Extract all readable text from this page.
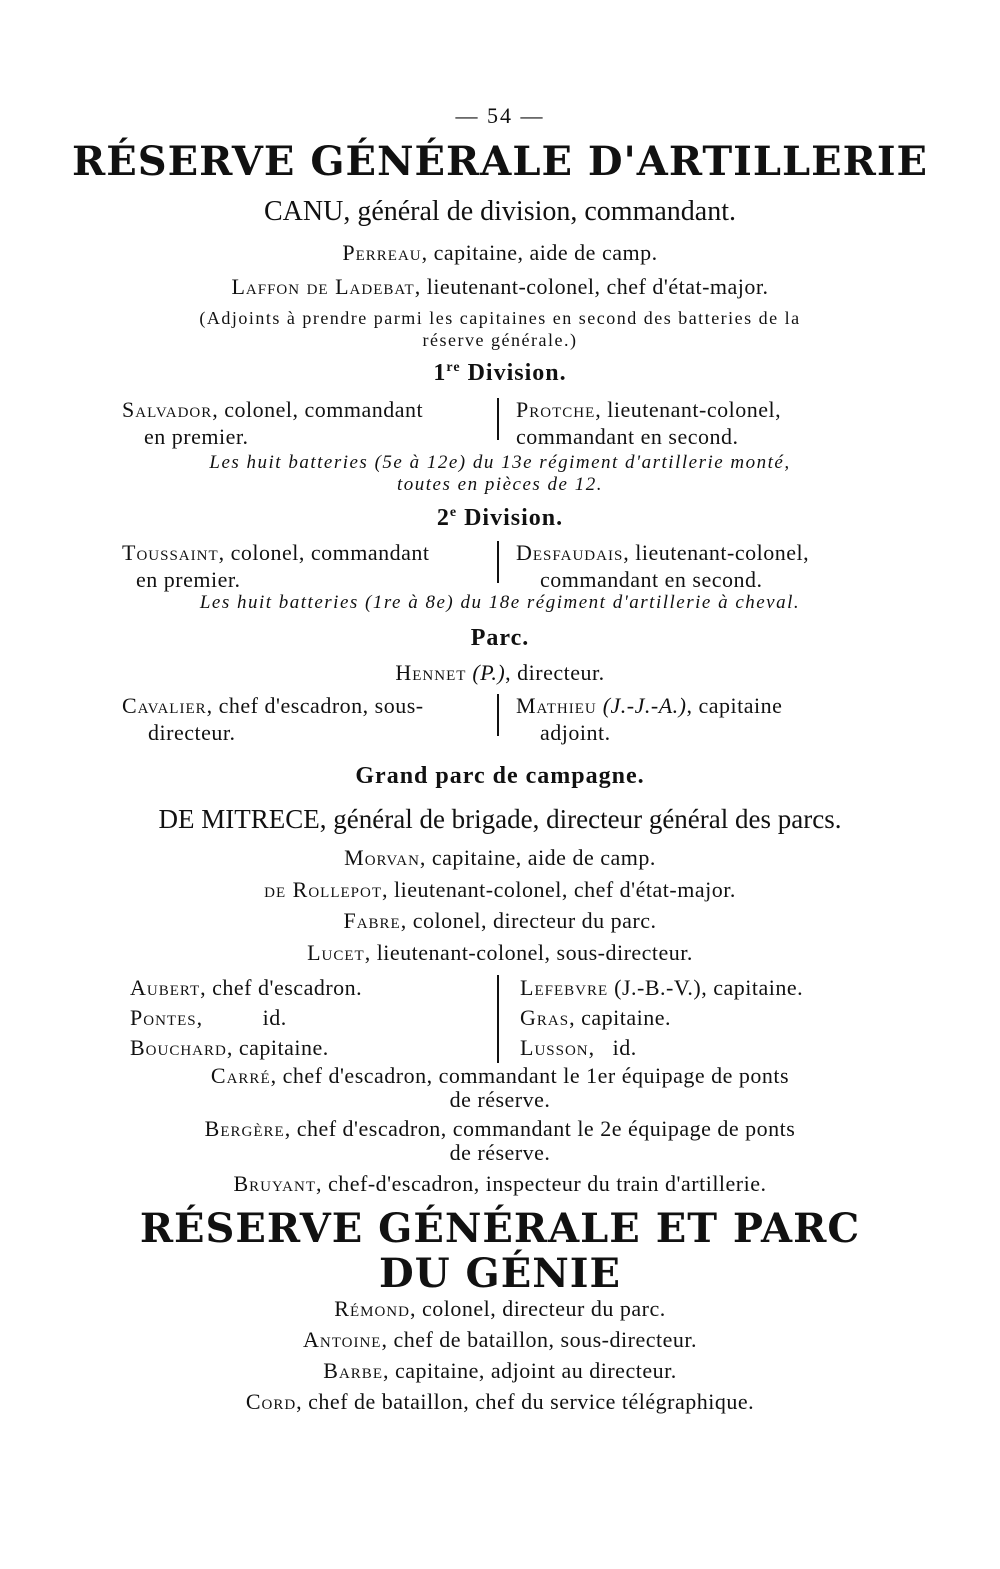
— 54 —
RÉSERVE GÉNÉRALE D'ARTILLERIE
CANU, général de division, commandant.
Perreau, capitaine, aide de camp.
Laffon de Ladebat, lieutenant-colonel, chef d'état-major.
(Adjoints à prendre parmi les capitaines en second des batteries de la
réserve générale.)
1re Division.
Salvador, colonel, commandant
en premier.
Protche, lieutenant-colonel,
commandant en second.
Les huit batteries (5e à 12e) du 13e régiment d'artillerie monté,
toutes en pièces de 12.
2e Division.
Toussaint, colonel, commandant
en premier.
Desfaudais, lieutenant-colonel,
commandant en second.
Les huit batteries (1re à 8e) du 18e régiment d'artillerie à cheval.
Parc.
Hennet (P.), directeur.
Cavalier, chef d'escadron, sous-
directeur.
Mathieu (J.-J.-A.), capitaine
adjoint.
Grand parc de campagne.
DE MITRECE, général de brigade, directeur général des parcs.
Morvan, capitaine, aide de camp.
de Rollepot, lieutenant-colonel, chef d'état-major.
Fabre, colonel, directeur du parc.
Lucet, lieutenant-colonel, sous-directeur.
Aubert, chef d'escadron.
Pontes,          id.
Bouchard, capitaine.
Lefebvre (J.-B.-V.), capitaine.
Gras, capitaine.
Lusson,   id.
Carré, chef d'escadron, commandant le 1er équipage de ponts
de réserve.
Bergère, chef d'escadron, commandant le 2e équipage de ponts
de réserve.
Bruyant, chef-d'escadron, inspecteur du train d'artillerie.
RÉSERVE GÉNÉRALE ET PARC
DU GÉNIE
Rémond, colonel, directeur du parc.
Antoine, chef de bataillon, sous-directeur.
Barbe, capitaine, adjoint au directeur.
Cord, chef de bataillon, chef du service télégraphique.
